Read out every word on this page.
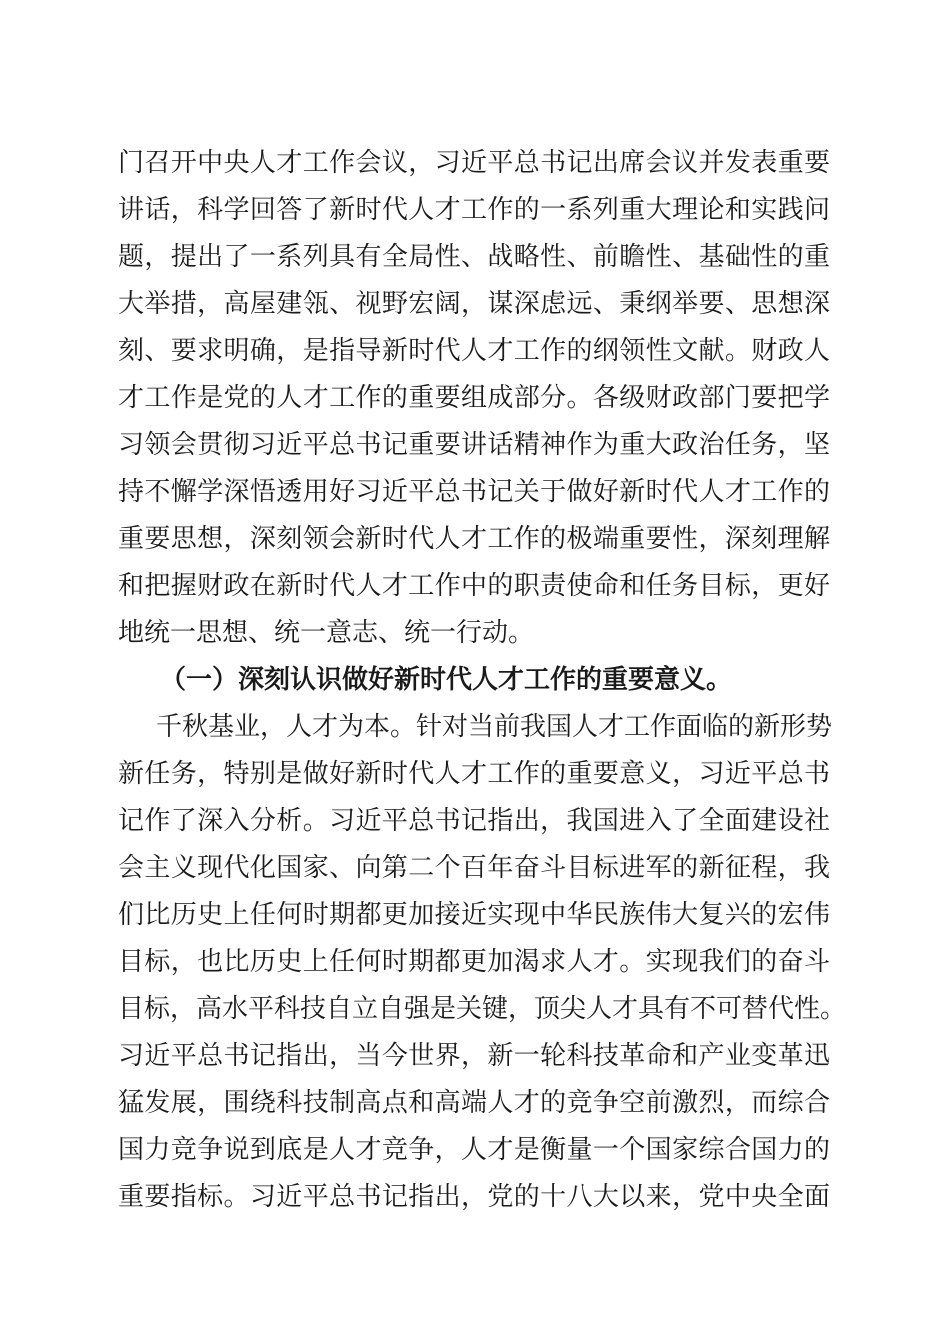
门召开中央人才工作会议，习近平总书记出席会议并发表重要
讲话，科学回答了新时代人才工作的一系列重大理论和实践问
题，提出了一系列具有全局性、战略性、前瞻性、基础性的重
大举措，高屋建瓴、视野宏阔，谋深虑远、秉纲举要、思想深
刻、要求明确，是指导新时代人才工作的纲领性文献。财政人
才工作是党的人才工作的重要组成部分。各级财政部门要把学
习领会贯彻习近平总书记重要讲话精神作为重大政治任务，坚
持不懈学深悟透用好习近平总书记关于做好新时代人才工作的
重要思想，深刻领会新时代人才工作的极端重要性，深刻理解
和把握财政在新时代人才工作中的职责使命和任务目标，更好
地统一思想、统一意志、统一行动。
（一）深刻认识做好新时代人才工作的重要意义。
千秋基业，人才为本。针对当前我国人才工作面临的新形势
新任务，特别是做好新时代人才工作的重要意义，习近平总书
记作了深入分析。习近平总书记指出，我国进入了全面建设社
会主义现代化国家、向第二个百年奋斗目标进军的新征程，我
们比历史上任何时期都更加接近实现中华民族伟大复兴的宏伟
目标，也比历史上任何时期都更加渴求人才。实现我们的奋斗
目标，高水平科技自立自强是关键，顶尖人才具有不可替代性。
习近平总书记指出，当今世界，新一轮科技革命和产业变革迅
猛发展，围绕科技制高点和高端人才的竞争空前激烈，而综合
国力竞争说到底是人才竞争，人才是衡量一个国家综合国力的
重要指标。习近平总书记指出，党的十八大以来，党中央全面
